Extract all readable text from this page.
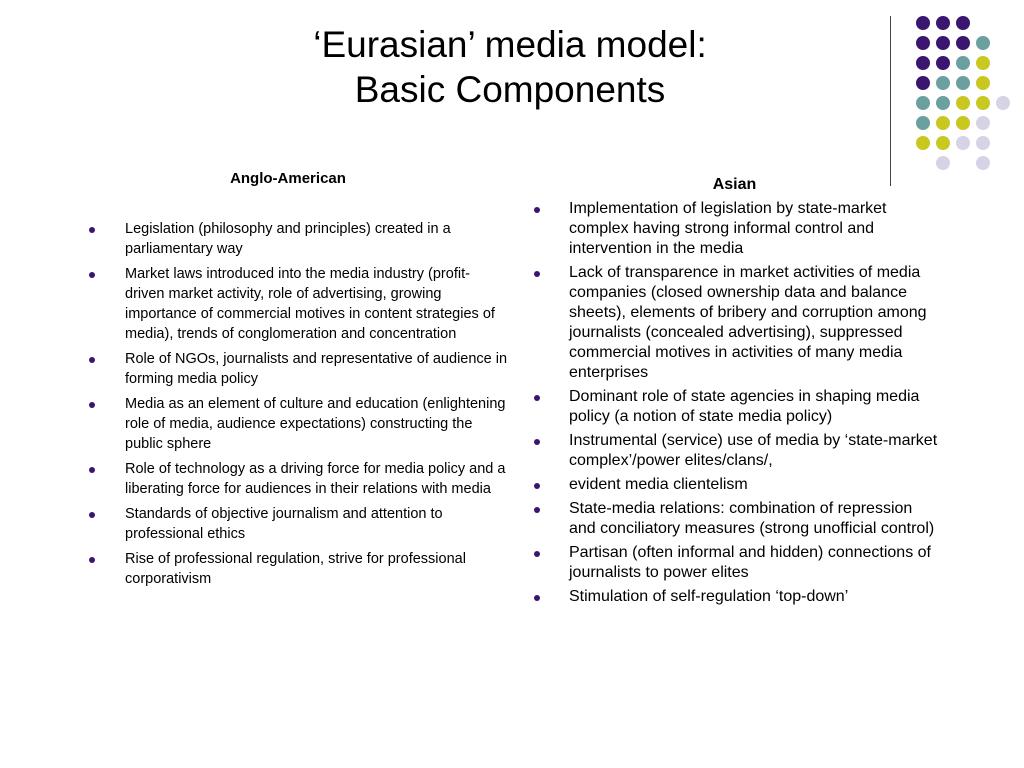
‘Eurasian’ media model:
Basic Components
Anglo-American
Legislation (philosophy and principles) created in a parliamentary way
Market laws introduced into the media industry (profit-driven market activity, role of advertising, growing importance of commercial motives in content strategies of media), trends of conglomeration and concentration
Role of NGOs, journalists and representative of audience in forming media policy
Media as an element of culture and education (enlightening role of media, audience expectations) constructing the public sphere
Role of technology as a driving force for media policy and a liberating force for audiences in their relations with media
Standards of objective journalism and attention to professional ethics
Rise of professional regulation, strive for professional corporativism
Asian
Implementation of legislation by state-market complex having strong informal control and intervention in the media
Lack of transparence in market activities of media companies (closed ownership data and balance sheets), elements of bribery and corruption among journalists (concealed advertising), suppressed commercial motives in activities of many media enterprises
Dominant role of state agencies in shaping media policy (a notion of state media policy)
Instrumental (service) use of media by ‘state-market complex’/power elites/clans/,
evident media clientelism
State-media relations: combination of repression and conciliatory measures (strong unofficial control)
Partisan (often informal and hidden) connections of journalists to power elites
Stimulation of self-regulation ‘top-down’
